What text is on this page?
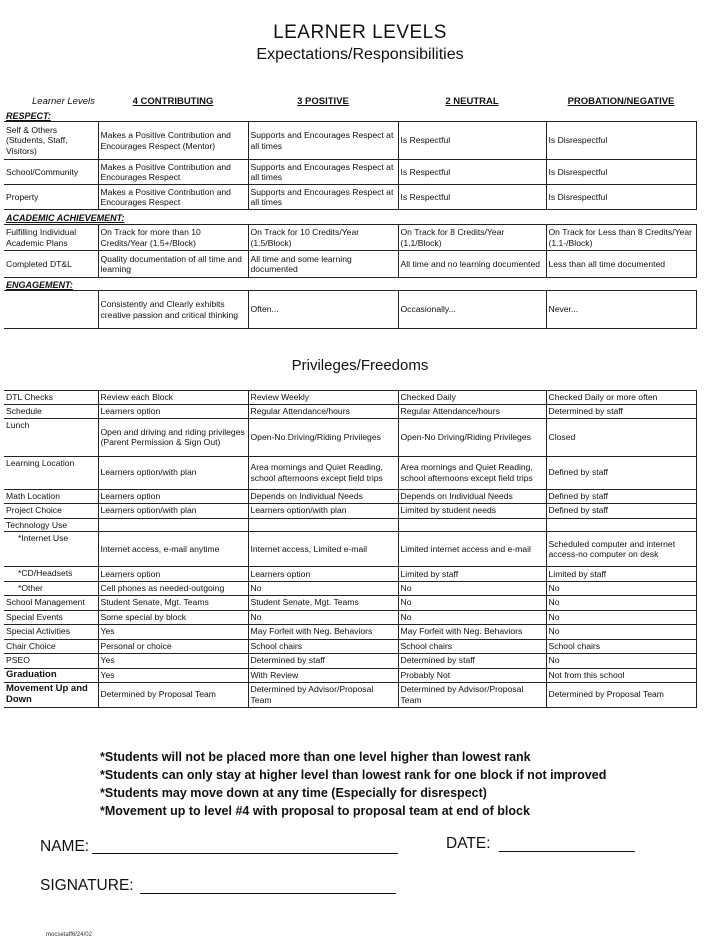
LEARNER LEVELS
Expectations/Responsibilities
Learner Levels	4 CONTRIBUTING	3 POSITIVE	2 NEUTRAL	PROBATION/NEGATIVE
RESPECT:
Self & Others (Students, Staff, Visitors)	Makes a Positive Contribution and Encourages Respect (Mentor)	Supports and Encourages Respect at all times	Is Respectful	Is Disrespectful
School/Community	Makes a Positive Contribution and Encourages Respect	Supports and Encourages Respect at all times	Is Respectful	Is Disrespectful
Property	Makes a Positive Contribution and Encourages Respect	Supports and Encourages Respect at all times	Is Respectful	Is Disrespectful
ACADEMIC ACHIEVEMENT:
Fulfilling Individual Academic Plans	On Track for more than 10 Credits/Year (1.5+/Block)	On Track for 10 Credits/Year (1.5/Block)	On Track for 8 Credits/Year (1.1/Block)	On Track for Less than 8 Credits/Year (1.1-/Block)
Completed DT&L	Quality documentation of all time and learning	All time and some learning documented	All time and no learning documented	Less than all time documented
ENGAGEMENT:
	Consistently and Clearly exhibits creative passion and critical thinking	Often...	Occasionally...	Never...
Privileges/Freedoms
DTL Checks	Review each Block	Review Weekly	Checked Daily	Checked Daily or more often
Schedule	Learners option	Regular Attendance/hours	Regular Attendance/hours	Determined by staff
Lunch	Open and driving and riding privileges (Parent Permission & Sign Out)	Open-No Driving/Riding Privileges	Open-No Driving/Riding Privileges	Closed
Learning Location	Learners option/with plan	Area mornings and Quiet Reading, school afternoons except field trips	Area mornings and Quiet Reading, school afternoons except field trips	Defined by staff
Math Location	Learners option	Depends on Individual Needs	Depends on Individual Needs	Defined by staff
Project Choice	Learners option/with plan	Learners option/with plan	Limited by student needs	Defined by staff
Technology Use				
*Internet Use	Internet access, e-mail anytime	Internet access, Limited e-mail	Limited internet access and e-mail	Scheduled computer and internet access-no computer on desk
*CD/Headsets	Learners option	Learners option	Limited by staff	Limited by staff
*Other	Cell phones as needed-outgoing	No	No	No
School Management	Student Senate, Mgt. Teams	Student Senate, Mgt. Teams	No	No
Special Events	Some special by block	No	No	No
Special Activities	Yes	May Forfeit with Neg. Behaviors	May Forfeit with Neg. Behaviors	No
Chair Choice	Personal or choice	School chairs	School chairs	School chairs
PSEO	Yes	Determined by staff	Determined by staff	No
Graduation	Yes	With Review	Probably Not	Not from this school
Movement Up and Down	Determined by Proposal Team	Determined by Advisor/Proposal Team	Determined by Advisor/Proposal Team	Determined by Proposal Team
*Students will not be placed more than one level higher than lowest rank
*Students can only stay at higher level than lowest rank for one block if not improved
*Students may move down at any time (Especially for disrespect)
*Movement up to level #4 with proposal to proposal team at end of block
NAME:	DATE:
SIGNATURE:
mocsetaff6/24/02
